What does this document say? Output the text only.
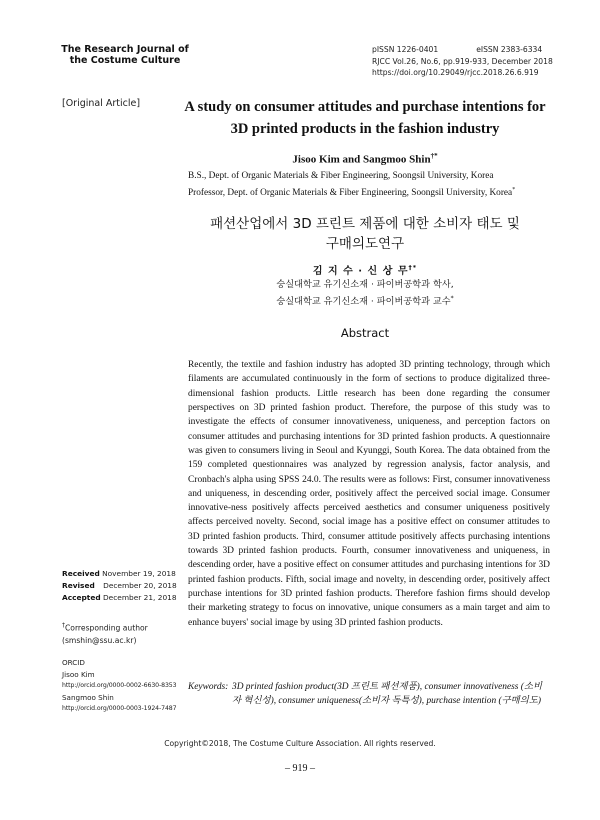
The Research Journal of
the Costume Culture
pISSN 1226-0401	eISSN 2383-6334
RJCC Vol.26, No.6, pp.919-933, December 2018
https://doi.org/10.29049/rjcc.2018.26.6.919
[Original Article]	A study on consumer attitudes and purchase intentions for
3D printed products in the fashion industry
Jisoo Kim and Sangmoo Shin†*
B.S., Dept. of Organic Materials & Fiber Engineering, Soongsil University, Korea
Professor, Dept. of Organic Materials & Fiber Engineering, Soongsil University, Korea*
패션산업에서 3D 프린트 제품에 대한 소비자 태도 및
구매의도연구
김 지 수 · 신 상 무†*
숭실대학교 유기신소재 · 파이버공학과 학사,
숭실대학교 유기신소재 · 파이버공학과 교수*
Abstract
Recently, the textile and fashion industry has adopted 3D printing technology, through which filaments are accumulated continuously in the form of sections to produce digitalized three-dimensional fashion products. Little research has been done regarding the consumer perspectives on 3D printed fashion product. Therefore, the purpose of this study was to investigate the effects of consumer innovativeness, uniqueness, and perception factors on consumer attitudes and purchasing intentions for 3D printed fashion products. A questionnaire was given to consumers living in Seoul and Kyunggi, South Korea. The data obtained from the 159 completed questionnaires was analyzed by regression analysis, factor analysis, and Cronbach's alpha using SPSS 24.0. The results were as follows: First, consumer innovativeness and uniqueness, in descending order, positively affect the perceived social image. Consumer innovative-ness positively affects perceived aesthetics and consumer uniqueness positively affects perceived novelty. Second, social image has a positive effect on consumer attitudes to 3D printed fashion products. Third, consumer attitude positively affects purchasing intentions towards 3D printed fashion products. Fourth, consumer innovativeness and uniqueness, in descending order, have a positive effect on consumer attitudes and purchasing intentions for 3D printed fashion products. Fifth, social image and novelty, in descending order, positively affect purchase intentions for 3D printed fashion products. Therefore fashion firms should develop their marketing strategy to focus on innovative, unique consumers as a main target and aim to enhance buyers' social image by using 3D printed fashion products.
Received November 19, 2018
Revised December 20, 2018
Accepted December 21, 2018
†Corresponding author
(smshin@ssu.ac.kr)
ORCID
Jisoo Kim
http://orcid.org/0000-0002-6630-8353
Sangmoo Shin
http://orcid.org/0000-0003-1924-7487
Keywords: 3D printed fashion product(3D 프린트 패션제품), consumer innovativeness (소비자 혁신성), consumer uniqueness(소비자 독특성), purchase intention (구매의도)
Copyright©2018, The Costume Culture Association. All rights reserved.
– 919 –
